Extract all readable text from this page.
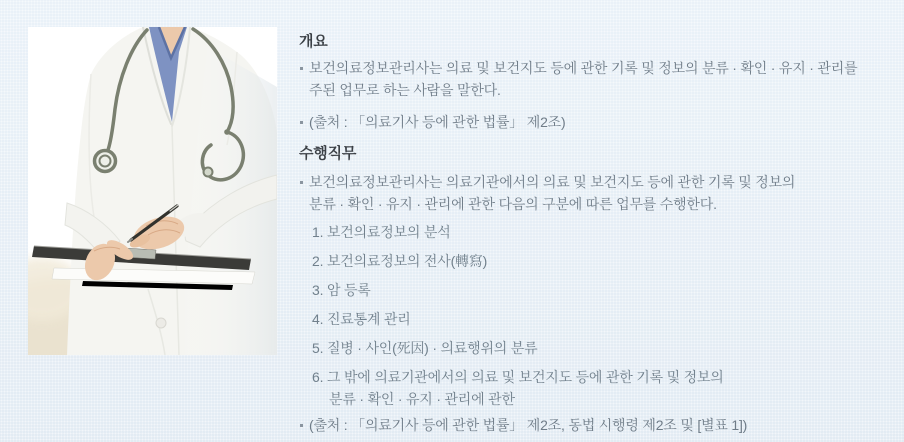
개요
보건의료정보관리사는 의료 및 보건지도 등에 관한 기록 및 정보의 분류 · 확인 · 유지 · 관리를
주된 업무로 하는 사람을 말한다.
(출처 : 「의료기사 등에 관한 법률」 제2조)
수행직무
보건의료정보관리사는 의료기관에서의 의료 및 보건지도 등에 관한 기록 및 정보의
분류 · 확인 · 유지 · 관리에 관한 다음의 구분에 따른 업무를 수행한다.
1. 보건의료정보의 분석
2. 보건의료정보의 전사(轉寫)
3. 암 등록
4. 진료통계 관리
5. 질병 · 사인(死因) · 의료행위의 분류
6. 그 밖에 의료기관에서의 의료 및 보건지도 등에 관한 기록 및 정보의
분류 · 확인 · 유지 · 관리에 관한
(출처 : 「의료기사 등에 관한 법률」 제2조, 동법 시행령 제2조 및 [별표 1])
